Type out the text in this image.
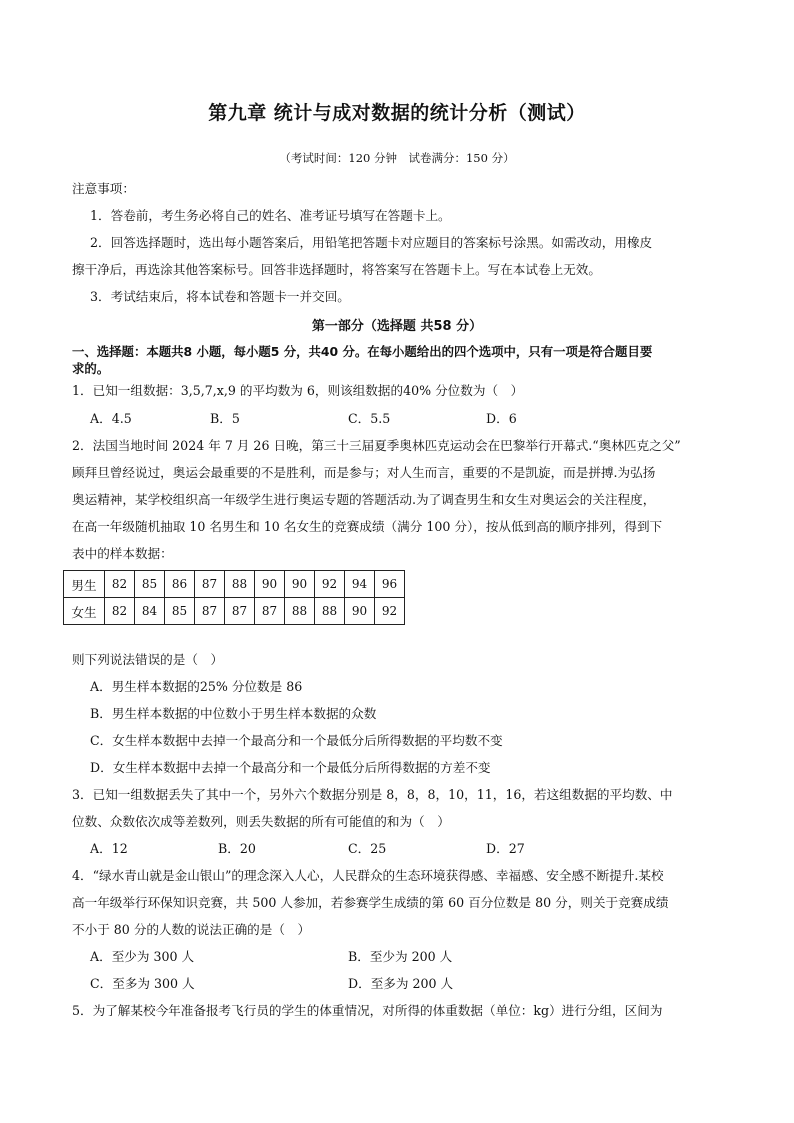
第九章 统计与成对数据的统计分析（测试）
（考试时间：120 分钟　试卷满分：150 分）
注意事项：
1．答卷前，考生务必将自己的姓名、准考证号填写在答题卡上。
2．回答选择题时，选出每小题答案后，用铅笔把答题卡对应题目的答案标号涂黑。如需改动，用橡皮
擦干净后，再选涂其他答案标号。回答非选择题时，将答案写在答题卡上。写在本试卷上无效。
3．考试结束后，将本试卷和答题卡一并交回。
第一部分（选择题 共58 分）
一、选择题：本题共8 小题，每小题5 分，共40 分。在每小题给出的四个选项中，只有一项是符合题目要
求的。
1．已知一组数据：3,5,7,x,9 的平均数为 6，则该组数据的40% 分位数为（　）
A．4.5	B．5	C．5.5	D．6
2．法国当地时间 2024 年 7 月 26 日晚，第三十三届夏季奥林匹克运动会在巴黎举行开幕式.“奥林匹克之父”
顾拜旦曾经说过，奥运会最重要的不是胜利，而是参与；对人生而言，重要的不是凯旋，而是拼搏.为弘扬
奥运精神，某学校组织高一年级学生进行奥运专题的答题活动.为了调查男生和女生对奥运会的关注程度，
在高一年级随机抽取 10 名男生和 10 名女生的竞赛成绩（满分 100 分），按从低到高的顺序排列，得到下
表中的样本数据：
男生	82	85	86	87	88	90	90	92	94	96
女生	82	84	85	87	87	87	88	88	90	92
则下列说法错误的是（　）
A．男生样本数据的25% 分位数是 86
B．男生样本数据的中位数小于男生样本数据的众数
C．女生样本数据中去掉一个最高分和一个最低分后所得数据的平均数不变
D．女生样本数据中去掉一个最高分和一个最低分后所得数据的方差不变
3．已知一组数据丢失了其中一个，另外六个数据分别是 8，8，8，10，11，16，若这组数据的平均数、中
位数、众数依次成等差数列，则丢失数据的所有可能值的和为（　）
A．12	B．20	C．25	D．27
4．“绿水青山就是金山银山”的理念深入人心，人民群众的生态环境获得感、幸福感、安全感不断提升.某校
高一年级举行环保知识竞赛，共 500 人参加，若参赛学生成绩的第 60 百分位数是 80 分，则关于竞赛成绩
不小于 80 分的人数的说法正确的是（　）
A．至少为 300 人	B．至少为 200 人
C．至多为 300 人	D．至多为 200 人
5．为了解某校今年准备报考飞行员的学生的体重情况，对所得的体重数据（单位：kg）进行分组，区间为
